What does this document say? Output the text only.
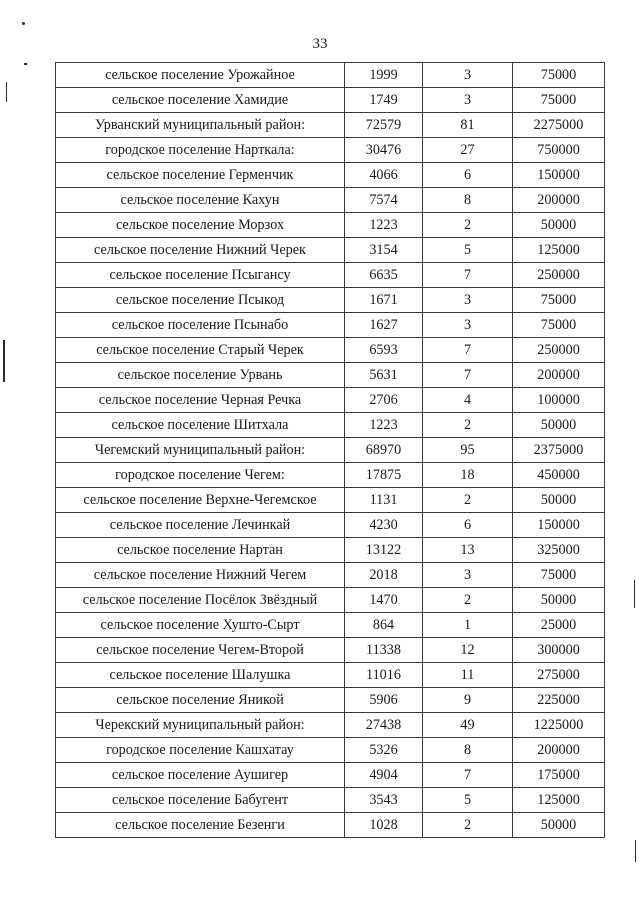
33
сельское поселение Урожайное	1999	3	75000
сельское поселение Хамидие	1749	3	75000
Урванский муниципальный район:	72579	81	2275000
городское поселение Нарткала:	30476	27	750000
сельское поселение Герменчик	4066	6	150000
сельское поселение Кахун	7574	8	200000
сельское поселение Морзох	1223	2	50000
сельское поселение Нижний Черек	3154	5	125000
сельское поселение Псыгансу	6635	7	250000
сельское поселение Псыкод	1671	3	75000
сельское поселение Псынабо	1627	3	75000
сельское поселение Старый Черек	6593	7	250000
сельское поселение Урвань	5631	7	200000
сельское поселение Черная Речка	2706	4	100000
сельское поселение Шитхала	1223	2	50000
Чегемский муниципальный район:	68970	95	2375000
городское поселение Чегем:	17875	18	450000
сельское поселение Верхне-Чегемское	1131	2	50000
сельское поселение Лечинкай	4230	6	150000
сельское поселение Нартан	13122	13	325000
сельское поселение Нижний Чегем	2018	3	75000
сельское поселение Посёлок Звёздный	1470	2	50000
сельское поселение Хушто-Сырт	864	1	25000
сельское поселение Чегем-Второй	11338	12	300000
сельское поселение Шалушка	11016	11	275000
сельское поселение Яникой	5906	9	225000
Черекский муниципальный район:	27438	49	1225000
городское поселение Кашхатау	5326	8	200000
сельское поселение Аушигер	4904	7	175000
сельское поселение Бабугент	3543	5	125000
сельское поселение Безенги	1028	2	50000
